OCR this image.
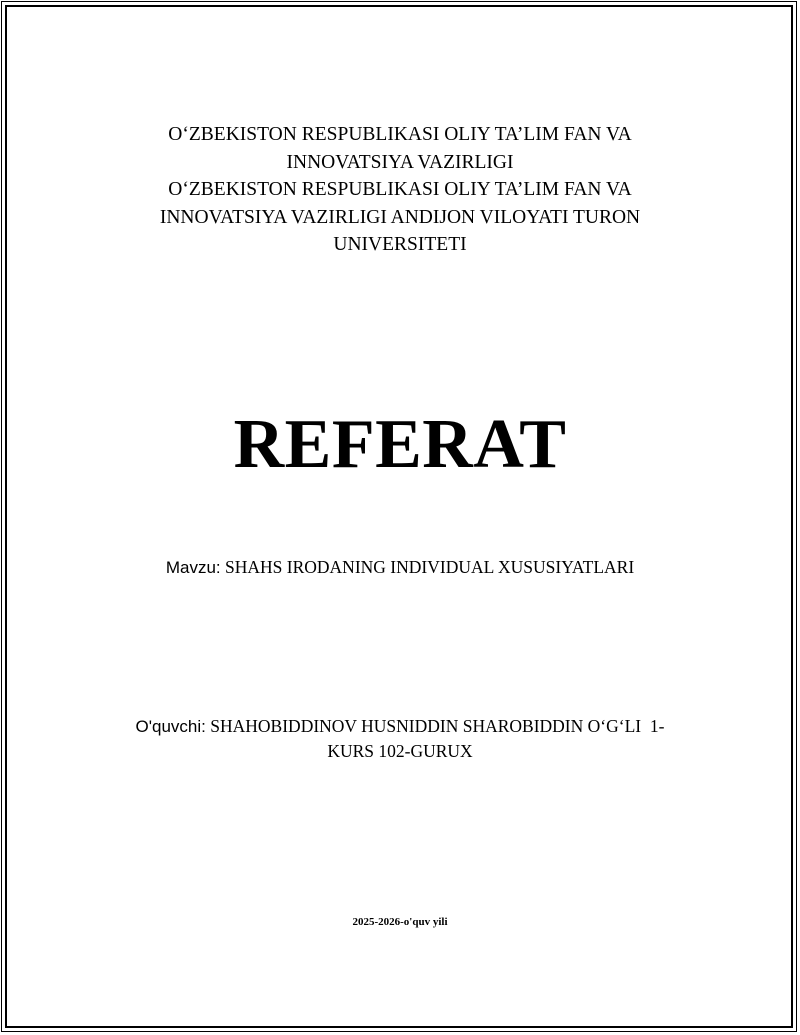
O‘ZBEKISTON RESPUBLIKASI OLIY TA’LIM FAN VA
INNOVATSIYA VAZIRLIGI
O‘ZBEKISTON RESPUBLIKASI OLIY TA’LIM FAN VA
INNOVATSIYA VAZIRLIGI ANDIJON VILOYATI TURON
UNIVERSITETI
REFERAT
Mavzu: SHAHS IRODANING INDIVIDUAL XUSUSIYATLARI
O'quvchi: SHAHOBIDDINOV HUSNIDDIN SHAROBIDDIN O‘G‘LI  1-
KURS 102-GURUX
2025-2026-o'quv yili
